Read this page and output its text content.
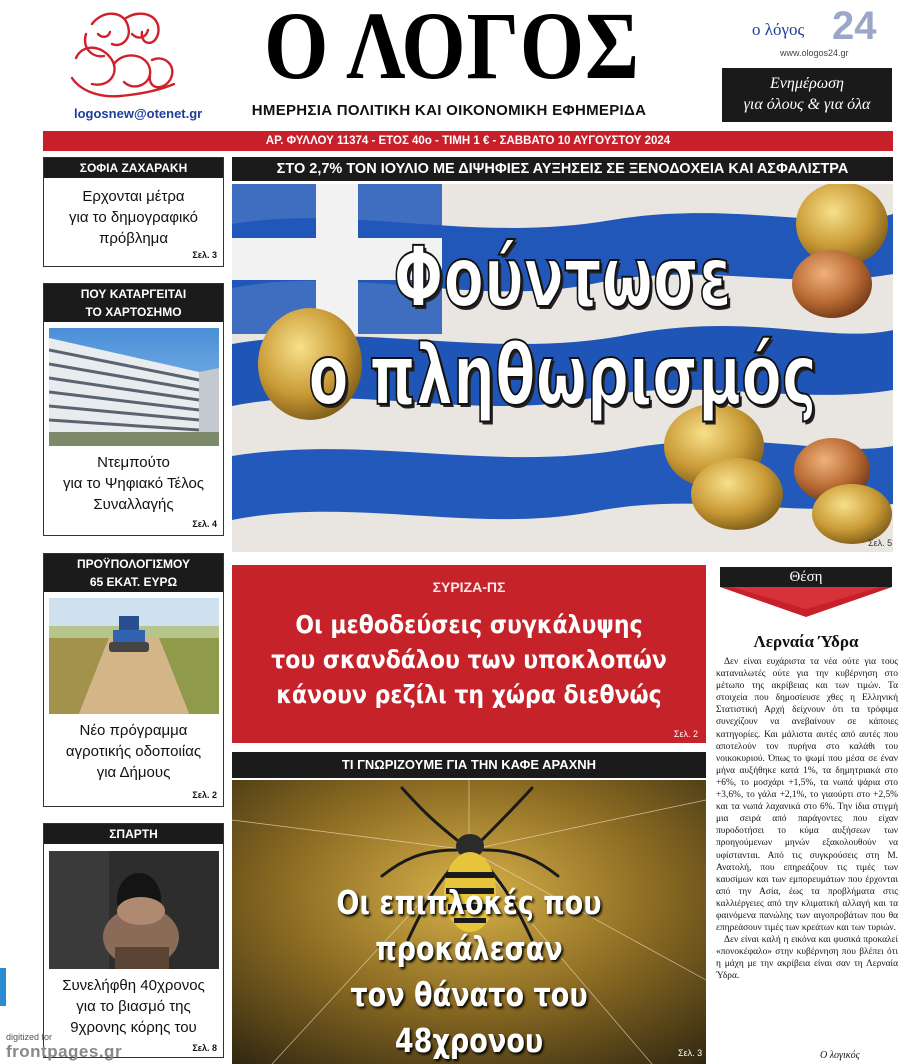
logosnew@otenet.gr
Ο ΛΟΓΟΣ
ΗΜΕΡΗΣΙΑ ΠΟΛΙΤΙΚΗ ΚΑΙ ΟΙΚΟΝΟΜΙΚΗ ΕΦΗΜΕΡΙΔΑ
ο λόγος 24
www.ologos24.gr
Ενημέρωση
για όλους & για όλα
ΑΡ. ΦΥΛΛΟΥ 11374 - ΕΤΟΣ 40ο - ΤΙΜΗ 1 € - ΣΑΒΒΑΤΟ 10 ΑΥΓΟΥΣΤΟΥ 2024
ΣΟΦΙΑ ΖΑΧΑΡΑΚΗ
Ερχονται μέτρα
για το δημογραφικό
πρόβλημα
Σελ. 3
ΠΟΥ ΚΑΤΑΡΓΕΙΤΑΙ
ΤΟ ΧΑΡΤΟΣΗΜΟ
Ντεμπούτο
για το Ψηφιακό Τέλος
Συναλλαγής
Σελ. 4
ΠΡΟΫΠΟΛΟΓΙΣΜΟΥ
65 ΕΚΑΤ. ΕΥΡΩ
Νέο πρόγραμμα
αγροτικής οδοποιίας
για Δήμους
Σελ. 2
ΣΠΑΡΤΗ
Συνελήφθη 40χρονος
για το βιασμό της
9χρονης κόρης του
Σελ. 8
ΣΤΟ 2,7% ΤΟΝ ΙΟΥΛΙΟ ΜΕ ΔΙΨΗΦΙΕΣ ΑΥΞΗΣΕΙΣ ΣΕ ΞΕΝΟΔΟΧΕΙΑ ΚΑΙ ΑΣΦΑΛΙΣΤΡΑ
Φούντωσε
ο πληθωρισμός
Σελ. 5
ΣΥΡΙΖΑ-ΠΣ
Οι μεθοδεύσεις συγκάλυψης
του σκανδάλου των υποκλοπών
κάνουν ρεζίλι τη χώρα διεθνώς
Σελ. 2
ΤΙ ΓΝΩΡΙΖΟΥΜΕ ΓΙΑ ΤΗΝ ΚΑΦΕ ΑΡΑΧΝΗ
Οι επιπλοκές που προκάλεσαν
τον θάνατο του 48χρονου	Σελ. 3
Θέση
Λερναία Ύδρα

Δεν είναι ευχάριστα τα νέα ούτε για τους καταναλωτές ούτε για την κυβέρνηση στο μέτωπο της ακρίβειας και των τιμών. Τα στοιχεία που δημοσίευσε χθες η Ελληνική Στατιστική Αρχή δείχνουν ότι τα τρόφιμα συνεχίζουν να ανεβαίνουν σε κάποιες κατηγορίες. Και μάλιστα αυτές από αυτές που αποτελούν τον πυρήνα στο καλάθι του νοικοκυριού. Όπως το ψωμί που μέσα σε έναν μήνα αυξήθηκε κατά 1%, τα δημητριακά στο +6%, το μοσχάρι +1,5%, τα νωπά ψάρια στο +3,6%, το γάλα +2,1%, το γιαούρτι στο +2,5% και τα νωπά λαχανικά στο 6%. Την ίδια στιγμή μια σειρά από παράγοντες που είχαν πυροδοτήσει το κύμα αυξήσεων των προηγούμενων μηνών εξακολουθούν να υφίστανται. Από τις συγκρούσεις στη Μ. Ανατολή, που επηρεάζουν τις τιμές των καυσίμων και των εμπορευμάτων που έρχονται από την Ασία, έως τα προβλήματα στις καλλιέργειες από την κλιματική αλλαγή και τα φαινόμενα πανώλης των αιγοπροβάτων που θα επηρεάσουν τιμές των κρεάτων και των τυριών.

Δεν είναι καλή η εικόνα και φυσικά προκαλεί «πονοκέφαλο» στην κυβέρνηση που βλέπει ότι η μάχη με την ακρίβεια είναι σαν τη Λερναία Ύδρα.

Ο λογικός
digitized for
frontpages.gr
